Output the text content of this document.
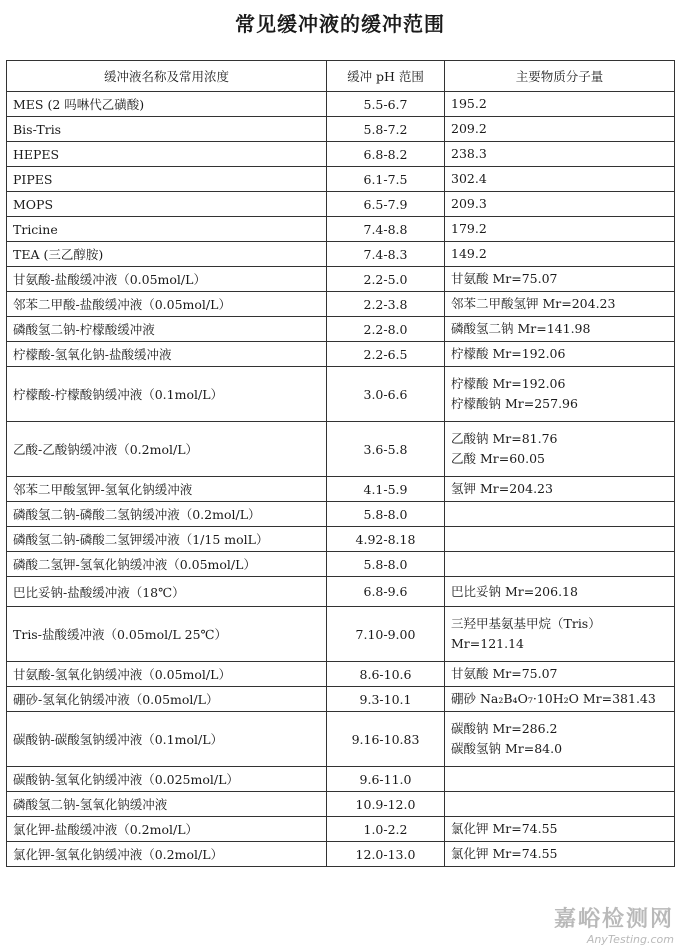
常见缓冲液的缓冲范围
缓冲液名称及常用浓度	缓冲 pH 范围	主要物质分子量
MES (2 吗啉代乙磺酸)	5.5-6.7	195.2

Bis-Tris	5.8-7.2	209.2

HEPES	6.8-8.2	238.3

PIPES	6.1-7.5	302.4

MOPS	6.5-7.9	209.3

Tricine	7.4-8.8	179.2

TEA (三乙醇胺)	7.4-8.3	149.2

甘氨酸-盐酸缓冲液（0.05mol/L）	2.2-5.0	甘氨酸 Mr=75.07

邻苯二甲酸-盐酸缓冲液（0.05mol/L）	2.2-3.8	邻苯二甲酸氢钾 Mr=204.23

磷酸氢二钠-柠檬酸缓冲液	2.2-8.0	磷酸氢二钠 Mr=141.98

柠檬酸-氢氧化钠-盐酸缓冲液	2.2-6.5	柠檬酸 Mr=192.06

柠檬酸-柠檬酸钠缓冲液（0.1mol/L）	3.0-6.6	柠檬酸 Mr=192.06
柠檬酸钠 Mr=257.96

乙酸-乙酸钠缓冲液（0.2mol/L）	3.6-5.8	乙酸钠 Mr=81.76
乙酸 Mr=60.05

邻苯二甲酸氢钾-氢氧化钠缓冲液	4.1-5.9	氢钾 Mr=204.23

磷酸氢二钠-磷酸二氢钠缓冲液（0.2mol/L）	5.8-8.0	
磷酸氢二钠-磷酸二氢钾缓冲液（1/15 molL）	4.92-8.18	
磷酸二氢钾-氢氧化钠缓冲液（0.05mol/L）	5.8-8.0	
巴比妥钠-盐酸缓冲液（18℃）	6.8-9.6	巴比妥钠 Mr=206.18

Tris-盐酸缓冲液（0.05mol/L 25℃）	7.10-9.00	三羟甲基氨基甲烷（Tris）
Mr=121.14

甘氨酸-氢氧化钠缓冲液（0.05mol/L）	8.6-10.6	甘氨酸 Mr=75.07

硼砂-氢氧化钠缓冲液（0.05mol/L）	9.3-10.1	硼砂 Na₂B₄O₇·10H₂O Mr=381.43

碳酸钠-碳酸氢钠缓冲液（0.1mol/L）	9.16-10.83	碳酸钠 Mr=286.2
碳酸氢钠 Mr=84.0

碳酸钠-氢氧化钠缓冲液（0.025mol/L）	9.6-11.0	
磷酸氢二钠-氢氧化钠缓冲液	10.9-12.0	
氯化钾-盐酸缓冲液（0.2mol/L）	1.0-2.2	氯化钾 Mr=74.55

氯化钾-氢氧化钠缓冲液（0.2mol/L）	12.0-13.0	氯化钾 Mr=74.55
嘉峪检测网
AnyTesting.com
